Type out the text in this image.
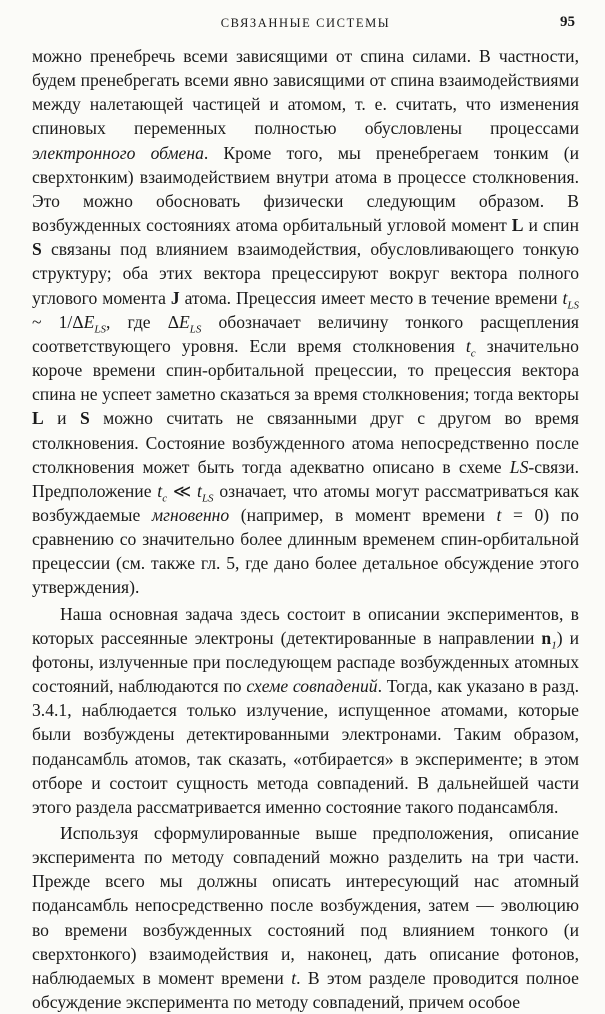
СВЯЗАННЫЕ СИСТЕМЫ	95

можно пренебречь всеми зависящими от спина силами. В частности, будем пренебрегать всеми явно зависящими от спина взаимодействиями между налетающей частицей и атомом, т. е. считать, что изменения спиновых переменных полностью обусловлены процессами электронного обмена. Кроме того, мы пренебрегаем тонким (и сверхтонким) взаимодействием внутри атома в процессе столкновения. Это можно обосновать физически следующим образом. В возбужденных состояниях атома орбитальный угловой момент L и спин S связаны под влиянием взаимодействия, обусловливающего тонкую структуру; оба этих вектора прецессируют вокруг вектора полного углового момента J атома. Прецессия имеет место в течение времени $t_{LS}$ ~ $1/\Delta E_{LS}$, где $\Delta E_{LS}$ обозначает величину тонкого расщепления соответствующего уровня. Если время столкновения $t_c$ значительно короче времени спин-орбитальной прецессии, то прецессия вектора спина не успеет заметно сказаться за время столкновения; тогда векторы L и S можно считать не связанными друг с другом во время столкновения. Состояние возбужденного атома непосредственно после столкновения может быть тогда адекватно описано в схеме LS-связи. Предположение $t_c$ ≪ $t_{LS}$ означает, что атомы могут рассматриваться как возбуждаемые мгновенно (например, в момент времени t = 0) по сравнению со значительно более длинным временем спин-орбитальной прецессии (см. также гл. 5, где дано более детальное обсуждение этого утверждения).

Наша основная задача здесь состоит в описании экспериментов, в которых рассеянные электроны (детектированные в направлении $n_1$) и фотоны, излученные при последующем распаде возбужденных атомных состояний, наблюдаются по схеме совпадений. Тогда, как указано в разд. 3.4.1, наблюдается только излучение, испущенное атомами, которые были возбуждены детектированными электронами. Таким образом, подансамбль атомов, так сказать, «отбирается» в эксперименте; в этом отборе и состоит сущность метода совпадений. В дальнейшей части этого раздела рассматривается именно состояние такого подансамбля.

Используя сформулированные выше предположения, описание эксперимента по методу совпадений можно разделить на три части. Прежде всего мы должны описать интересующий нас атомный подансамбль непосредственно после возбуждения, затем — эволюцию во времени возбужденных состояний под влиянием тонкого (и сверхтонкого) взаимодействия и, наконец, дать описание фотонов, наблюдаемых в момент времени t. В этом разделе проводится полное обсуждение эксперимента по методу совпадений, причем особое
